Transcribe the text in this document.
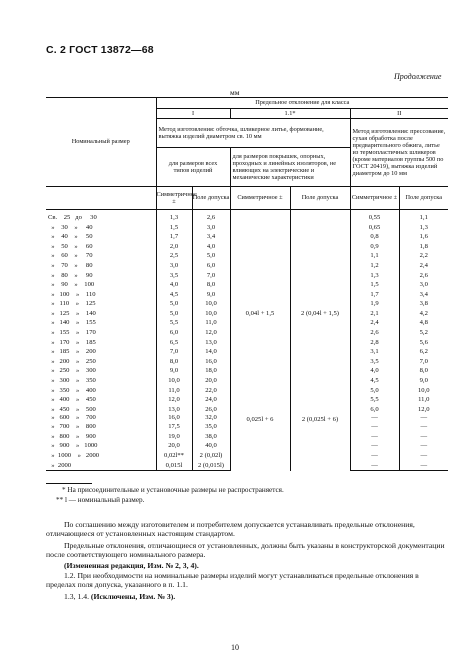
С. 2 ГОСТ 13872—68
Продолжение
мм
Номинальный размер	Предельное отклонение для класса					
	I		1.1*		II	
	Метод изготовления: обточка, шликерное литье, формование, вытяжка изделий диаметром св. 10 мм				Метод изготовления: прессование, сухая обработка после предварительного обжига, литье из термопластичных шликеров (кроме материалов группы 500 по ГОСТ 20419), вытяжка изделий диаметром до 10 мм	
	для размеров всех типов изделий		для размеров покрышек, опорных, проходных и линейных изоляторов, не влияющих на электрические и механические характеристики			
	Симметричное ±	Поле допуска	Симметричное ±	Поле допуска	Симметричное ±	Поле допуска
Св.    25   до     30	1,3	2,6	0,04l + 1,5	2 (0,04l + 1,5)	0,55	1,1
»    30    »     40	1,5	3,0			0,65	1,3
»    40    »     50	1,7	3,4			0,8	1,6
»    50    »     60	2,0	4,0			0,9	1,8
»    60    »     70	2,5	5,0			1,1	2,2
»    70    »     80	3,0	6,0			1,2	2,4
»    80    »     90	3,5	7,0			1,3	2,6
»    90    »    100	4,0	8,0			1,5	3,0
»   100    »    110	4,5	9,0			1,7	3,4
»   110    »    125	5,0	10,0			1,9	3,8
»   125    »    140	5,0	10,0			2,1	4,2
»   140    »    155	5,5	11,0			2,4	4,8
»   155    »    170	6,0	12,0			2,6	5,2
»   170    »    185	6,5	13,0			2,8	5,6
»   185    »    200	7,0	14,0			3,1	6,2
»   200    »    250	8,0	16,0			3,5	7,0
»   250    »    300	9,0	18,0			4,0	8,0
»   300    »    350	10,0	20,0			4,5	9,0
»   350    »    400	11,0	22,0			5,0	10,0
»   400    »    450	12,0	24,0			5,5	11,0
»   450    »    500	13,0	26,0			6,0	12,0
»   600    »    700	16,0	32,0	0,025l + 6	2 (0,025l + 6)	—	—
»   700    »    800	17,5	35,0			—	—
»   800    »    900	19,0	38,0			—	—
»   900    »   1000	20,0	40,0			—	—
»  1000    »   2000	0,02l**	2 (0,02l)			—	—
»  2000	0,015l	2 (0,015l)			—	—
* На присоединительные и установочные размеры не распространяется.
** l — номинальный размер.
По соглашению между изготовителем и потребителем допускается устанавливать предельные отклонения, отличающиеся от установленных настоящим стандартом.
Предельные отклонения, отличающиеся от установленных, должны быть указаны в конструкторской документации после соответствующего номинального размера.
(Измененная редакция, Изм. № 2, 3, 4).
1.2. При необходимости на номинальные размеры изделий могут устанавливаться предельные отклонения в пределах поля допуска, указанного в п. 1.1.
1.3, 1.4. (Исключены, Изм. № 3).
10
